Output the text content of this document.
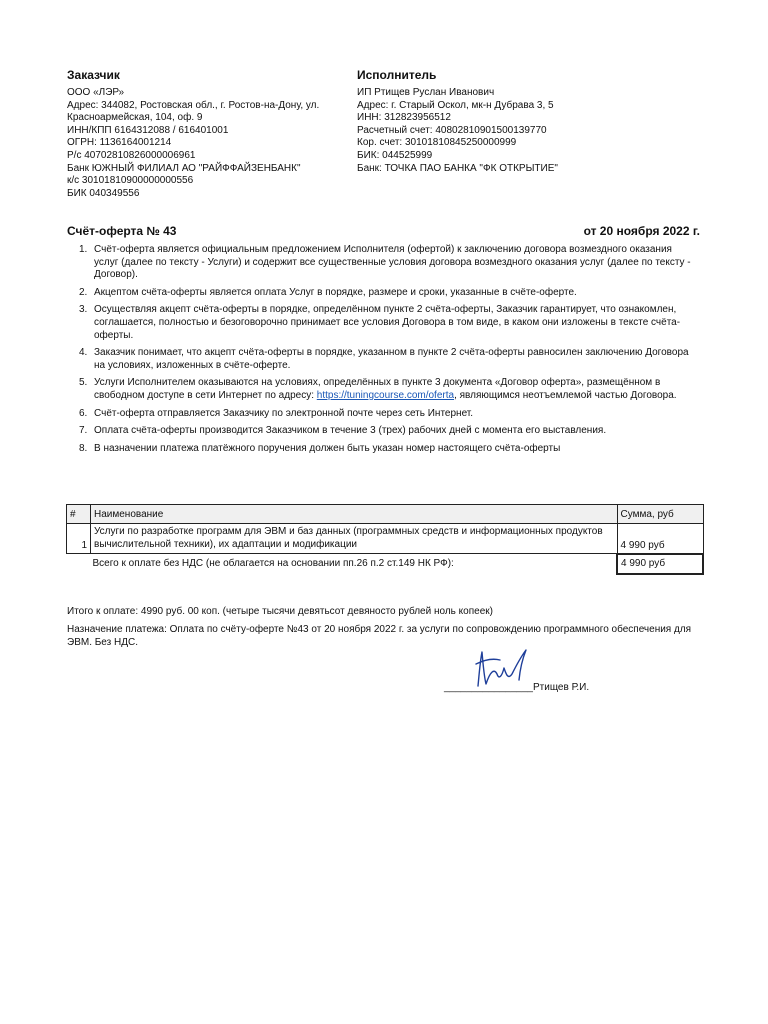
Заказчик

ООО «ЛЭР»

Адрес: 344082, Ростовская обл., г. Ростов-на-Дону, ул.

Красноармейская, 104, оф. 9

ИНН/КПП 6164312088 / 616401001

ОГРН: 1136164001214

Р/с 40702810826000006961

Банк ЮЖНЫЙ ФИЛИАЛ АО "РАЙФФАЙЗЕНБАНК"

к/с 30101810900000000556

БИК 040349556

Исполнитель

ИП Ртищев Руслан Иванович

Адрес: г. Старый Оскол, мк-н Дубрава 3, 5

ИНН: 312823956512

Расчетный счет: 40802810901500139770

Кор. счет: 30101810845250000999

БИК: 044525999

Банк: ТОЧКА ПАО БАНКА "ФК ОТКРЫТИЕ"

Счёт-оферта № 43	от 20 ноября 2022 г.
1. Счёт-оферта является официальным предложением Исполнителя (офертой) к заключению договора возмездного оказания услуг (далее по тексту - Услуги) и содержит все существенные условия договора возмездного оказания услуг (далее по тексту - Договор).
2. Акцептом счёта-оферты является оплата Услуг в порядке, размере и сроки, указанные в счёте-оферте.
3. Осуществляя акцепт счёта-оферты в порядке, определённом пункте 2 счёта-оферты, Заказчик гарантирует, что ознакомлен, соглашается, полностью и безоговорочно принимает все условия Договора в том виде, в каком они изложены в тексте счёта-оферты.
4. Заказчик понимает, что акцепт счёта-оферты в порядке, указанном в пункте 2 счёта-оферты равносилен заключению Договора на условиях, изложенных в счёте-оферте.
5. Услуги Исполнителем оказываются на условиях, определённых в пункте 3 документа «Договор оферта», размещённом в свободном доступе в сети Интернет по адресу: https://tuningcourse.com/oferta, являющимся неотъемлемой частью Договора.
6. Счёт-оферта отправляется Заказчику по электронной почте через сеть Интернет.
7. Оплата счёта-оферты производится Заказчиком в течение 3 (трех) рабочих дней с момента его выставления.
8. В назначении платежа платёжного поручения должен быть указан номер настоящего счёта-оферты
#	Наименование	Сумма, руб
1	Услуги по разработке программ для ЭВМ и баз данных (программных средств и информационных продуктов вычислительной техники), их адаптации и модификации	4 990 руб
	Всего к оплате без НДС (не облагается на основании пп.26 п.2 ст.149 НК РФ):	4 990 руб
Итого к оплате: 4990 руб. 00 коп. (четыре тысячи девятьсот девяносто рублей ноль копеек)
Назначение платежа: Оплата по счёту-оферте №43 от 20 ноября 2022 г. за услуги по сопровождению программного обеспечения для ЭВМ. Без НДС.
________________Ртищев Р.И.
